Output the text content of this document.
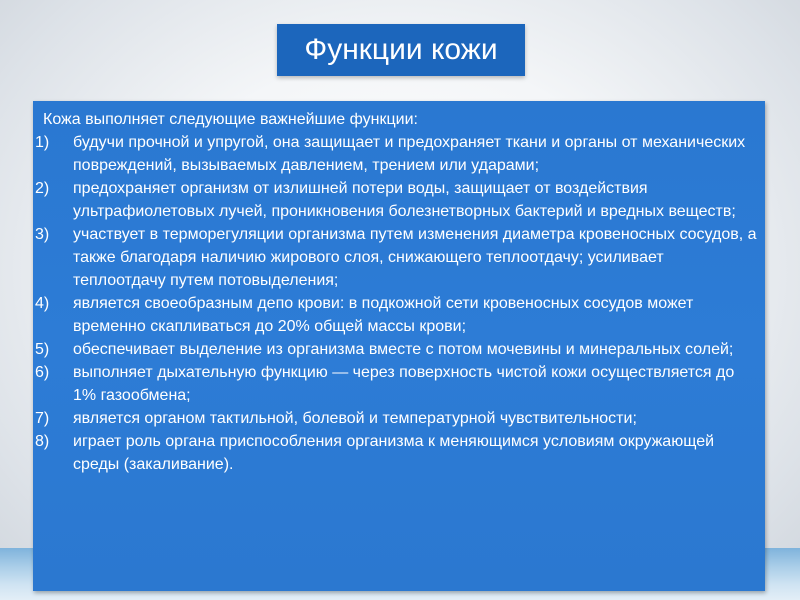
Функции кожи
Кожа выполняет следующие важнейшие функции:
1) будучи прочной и упругой, она защищает и предохраняет ткани и органы от механических повреждений, вызываемых давлением, трением или ударами;
2) предохраняет организм от излишней потери воды, защищает от воздействия ультрафиолетовых лучей, проникновения болезнетворных бактерий и вредных веществ;
3) участвует в терморегуляции организма путем изменения диаметра кровеносных сосудов, а также благодаря наличию жирового слоя, снижающего теплоотдачу; усиливает теплоотдачу путем потовыделения;
4) является своеобразным депо крови: в подкожной сети кровеносных сосудов может временно скапливаться до 20% общей массы крови;
5) обеспечивает выделение из организма вместе с потом мочевины и минеральных солей;
6) выполняет дыхательную функцию — через поверхность чистой кожи осуществляется до 1% газообмена;
7) является органом тактильной, болевой и температурной чувствительности;
8) играет роль органа приспособления организма к меняющимся условиям окружающей среды (закаливание).
